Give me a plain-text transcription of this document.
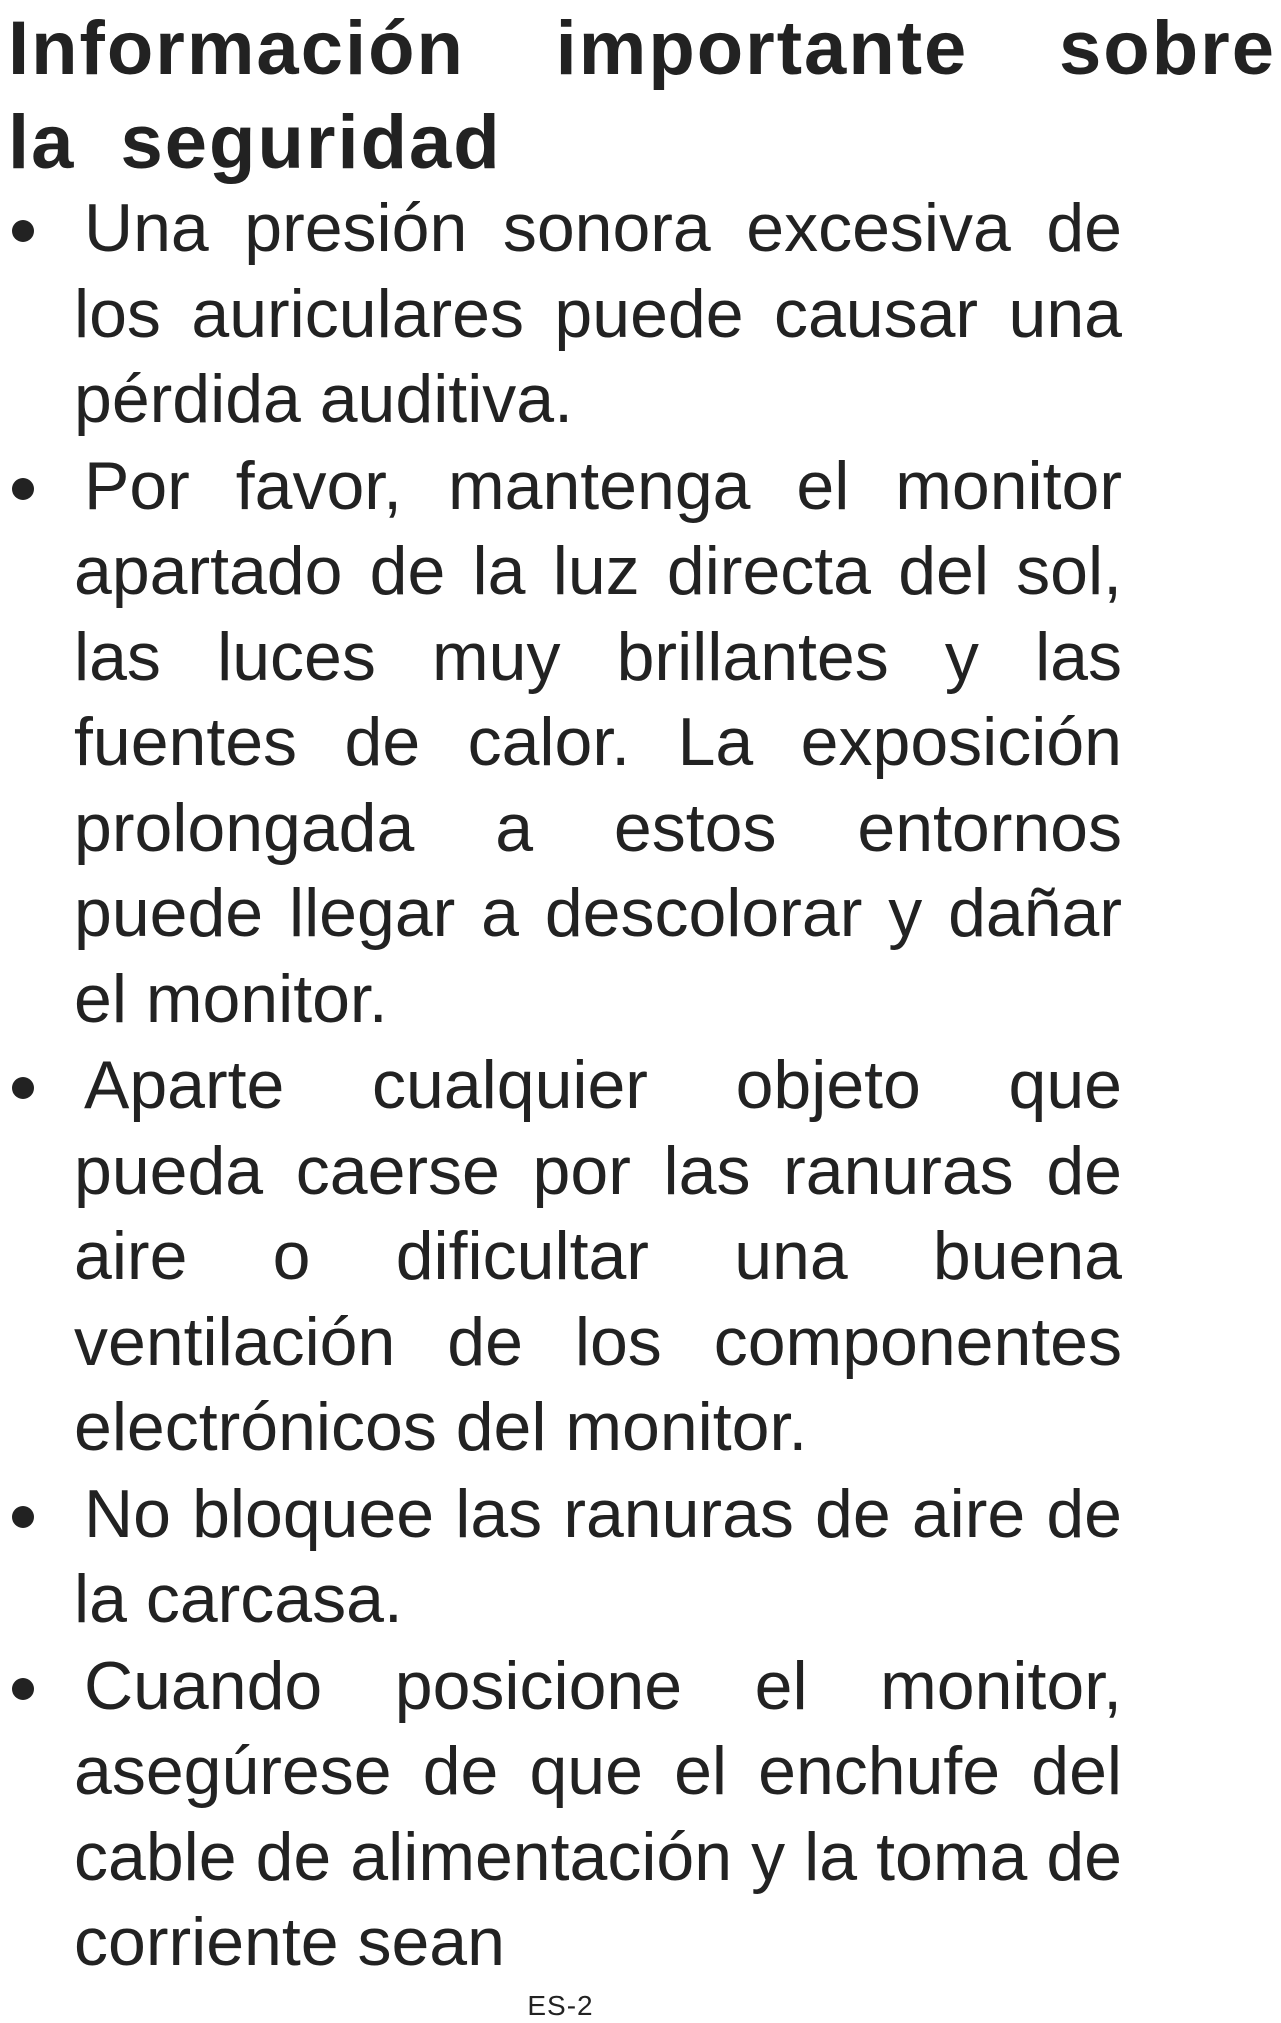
Información importante sobre la seguridad
Una presión sonora excesiva de los auriculares puede causar una pérdida auditiva.
Por favor, mantenga el monitor apartado de la luz directa del sol, las luces muy brillantes y las fuentes de calor. La exposición prolongada a estos entornos puede llegar a descolorar y dañar el monitor.
Aparte cualquier objeto que pueda caerse por las ranuras de aire o dificultar una buena ventilación de los componentes electrónicos del monitor.
No bloquee las ranuras de aire de la carcasa.
Cuando posicione el monitor, asegúrese de que el enchufe del cable de alimentación y la toma de corriente sean
ES-2
